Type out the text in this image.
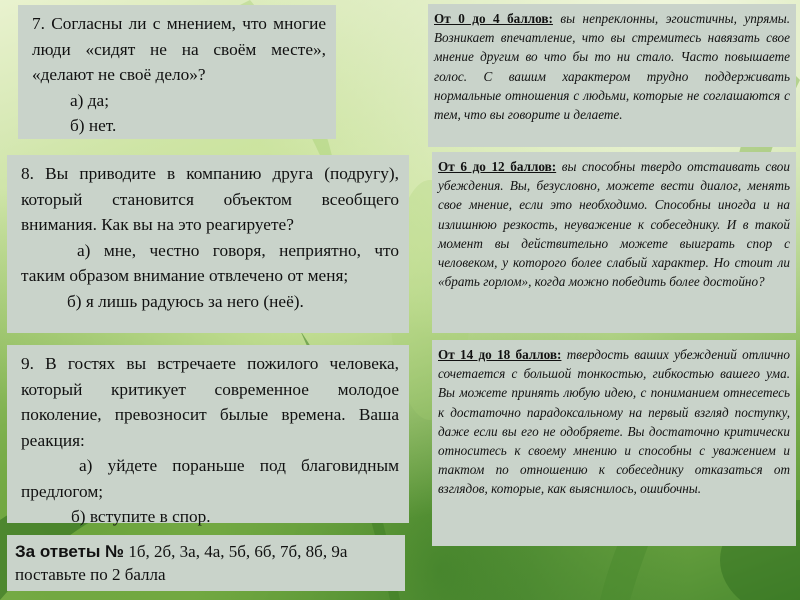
7. Согласны ли с мнением, что многие люди «сидят не на своём месте», «делают не своё дело»?

а) да;

б) нет.

8. Вы приводите в компанию друга (подругу), который становится объектом всеобщего внимания. Как вы на это реагируете?

а) мне, честно говоря, неприятно, что таким образом внимание отвлечено от меня;

б) я лишь радуюсь за него (неё).

9. В гостях вы встречаете пожилого человека, который критикует современное молодое поколение, превозносит былые времена. Ваша реакция:

а) уйдете пораньше под благовидным предлогом;

б) вступите в спор.

За ответы № 1б, 2б, 3а, 4а, 5б, 6б, 7б, 8б, 9а поставьте по 2 балла
От 0 до 4 баллов: вы непреклонны, эгоистичны, упрямы. Возникает впечатление, что вы стремитесь навязать свое мнение другим во что бы то ни стало. Часто повышаете голос. С вашим характером трудно поддерживать нормальные отношения с людьми, которые не соглашаются с тем, что вы говорите и делаете.
От 6 до 12 баллов: вы способны твердо отстаивать свои убеждения. Вы, безусловно, можете вести диалог, менять свое мнение, если это необходимо. Способны иногда и на излишнюю резкость, неуважение к собеседнику. И в такой момент вы действительно можете выиграть спор с человеком, у которого более слабый характер. Но стоит ли «брать горлом», когда можно победить более достойно?
От 14 до 18 баллов: твердость ваших убеждений отлично сочетается с большой тонкостью, гибкостью вашего ума. Вы можете принять любую идею, с пониманием отнесетесь к достаточно парадоксальному на первый взгляд поступку, даже если вы его не одобряете. Вы достаточно критически относитесь к своему мнению и способны с уважением и тактом по отношению к собеседнику отказаться от взглядов, которые, как выяснилось, ошибочны.
